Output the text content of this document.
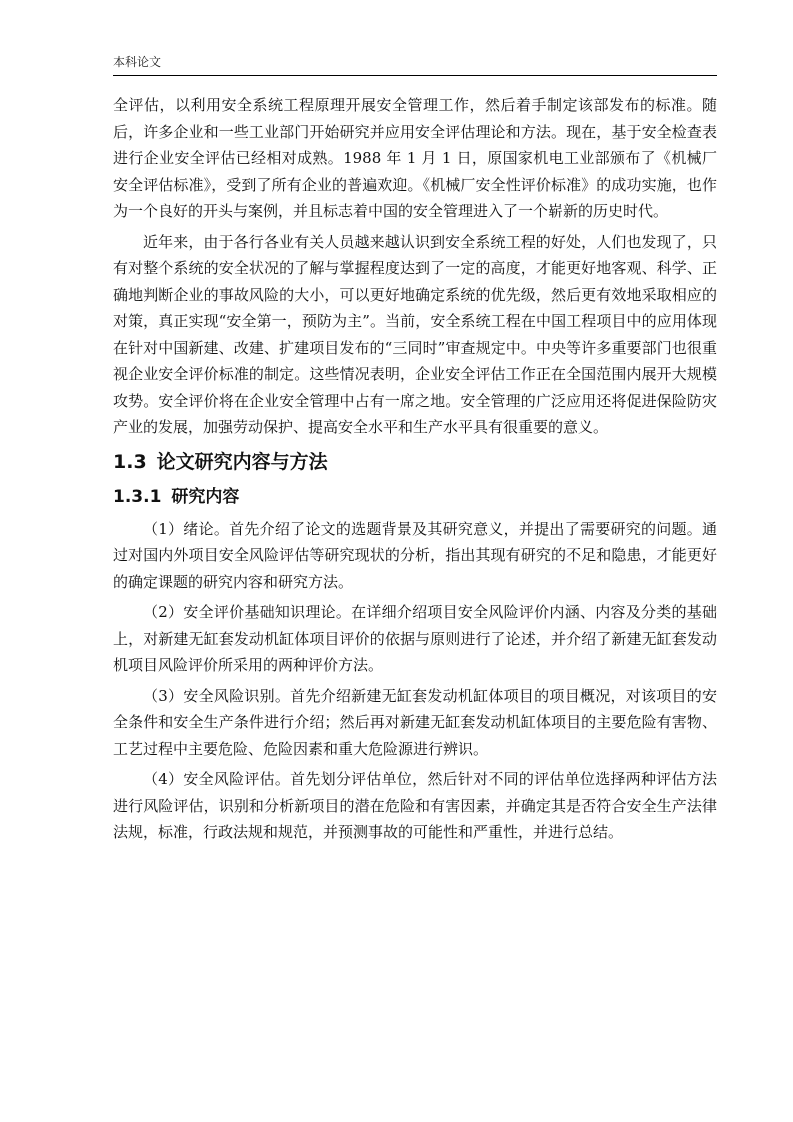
本科论文

全评估，以利用安全系统工程原理开展安全管理工作，然后着手制定该部发布的标准。随后，许多企业和一些工业部门开始研究并应用安全评估理论和方法。现在，基于安全检查表进行企业安全评估已经相对成熟。1988 年 1 月 1 日，原国家机电工业部颁布了《机械厂安全评估标准》，受到了所有企业的普遍欢迎。《机械厂安全性评价标准》的成功实施，也作为一个良好的开头与案例，并且标志着中国的安全管理进入了一个崭新的历史时代。

近年来，由于各行各业有关人员越来越认识到安全系统工程的好处，人们也发现了，只有对整个系统的安全状况的了解与掌握程度达到了一定的高度，才能更好地客观、科学、正确地判断企业的事故风险的大小，可以更好地确定系统的优先级，然后更有效地采取相应的对策，真正实现“安全第一，预防为主”。当前，安全系统工程在中国工程项目中的应用体现在针对中国新建、改建、扩建项目发布的“三同时”审查规定中。中央等许多重要部门也很重视企业安全评价标准的制定。这些情况表明，企业安全评估工作正在全国范围内展开大规模攻势。安全评价将在企业安全管理中占有一席之地。安全管理的广泛应用还将促进保险防灾产业的发展，加强劳动保护、提高安全水平和生产水平具有很重要的意义。

1.3 论文研究内容与方法
1.3.1 研究内容

（1）绪论。首先介绍了论文的选题背景及其研究意义，并提出了需要研究的问题。通过对国内外项目安全风险评估等研究现状的分析，指出其现有研究的不足和隐患，才能更好的确定课题的研究内容和研究方法。

（2）安全评价基础知识理论。在详细介绍项目安全风险评价内涵、内容及分类的基础上，对新建无缸套发动机缸体项目评价的依据与原则进行了论述，并介绍了新建无缸套发动机项目风险评价所采用的两种评价方法。

（3）安全风险识别。首先介绍新建无缸套发动机缸体项目的项目概况，对该项目的安全条件和安全生产条件进行介绍；然后再对新建无缸套发动机缸体项目的主要危险有害物、工艺过程中主要危险、危险因素和重大危险源进行辨识。

（4）安全风险评估。首先划分评估单位，然后针对不同的评估单位选择两种评估方法进行风险评估，识别和分析新项目的潜在危险和有害因素，并确定其是否符合安全生产法律法规，标准，行政法规和规范，并预测事故的可能性和严重性，并进行总结。
